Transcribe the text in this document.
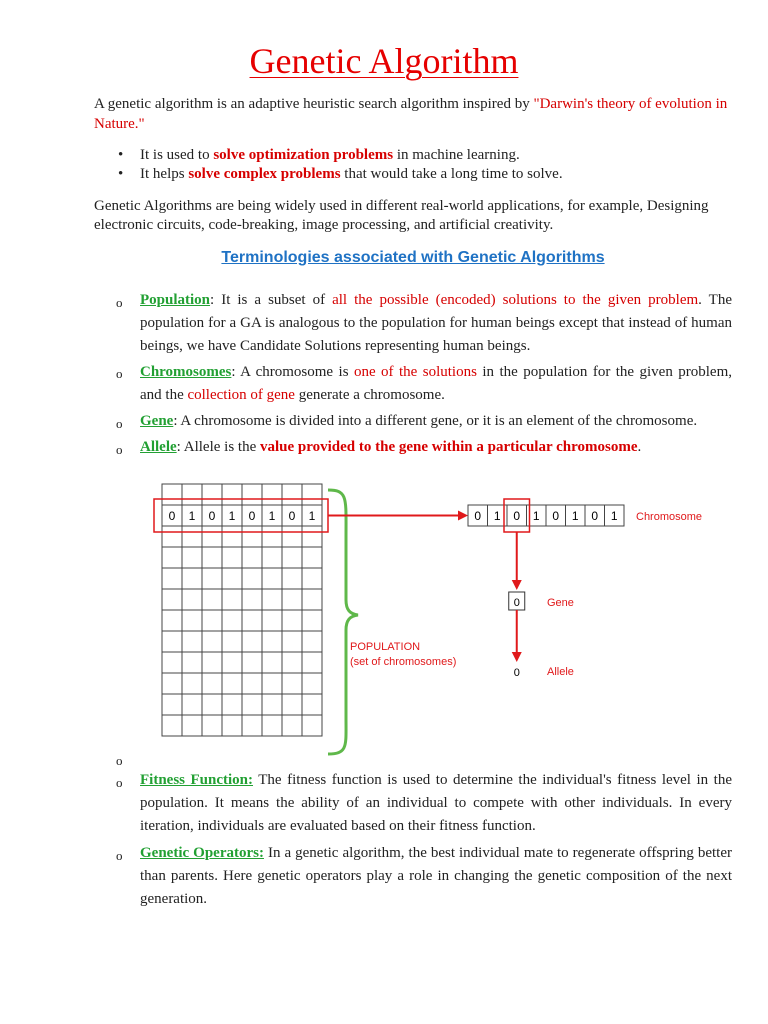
Genetic Algorithm
A genetic algorithm is an adaptive heuristic search algorithm inspired by "Darwin's theory of evolution in Nature."
• It is used to solve optimization problems in machine learning.
• It helps solve complex problems that would take a long time to solve.
Genetic Algorithms are being widely used in different real-world applications, for example, Designing electronic circuits, code-breaking, image processing, and artificial creativity.
Terminologies associated with Genetic Algorithms
o Population: It is a subset of all the possible (encoded) solutions to the given problem. The population for a GA is analogous to the population for human beings except that instead of human beings, we have Candidate Solutions representing human beings.
o Chromosomes: A chromosome is one of the solutions in the population for the given problem, and the collection of gene generate a chromosome.
o Gene: A chromosome is divided into a different gene, or it is an element of the chromosome.
o Allele: Allele is the value provided to the gene within a particular chromosome.
0 1 0 1 0 1 0 1
POPULATION
(set of chromosomes)
0 1 0 1 0 1 0 1 Chromosome
0 Gene
0 Allele
o
o Fitness Function: The fitness function is used to determine the individual's fitness level in the population. It means the ability of an individual to compete with other individuals. In every iteration, individuals are evaluated based on their fitness function.
o Genetic Operators: In a genetic algorithm, the best individual mate to regenerate offspring better than parents. Here genetic operators play a role in changing the genetic composition of the next generation.
